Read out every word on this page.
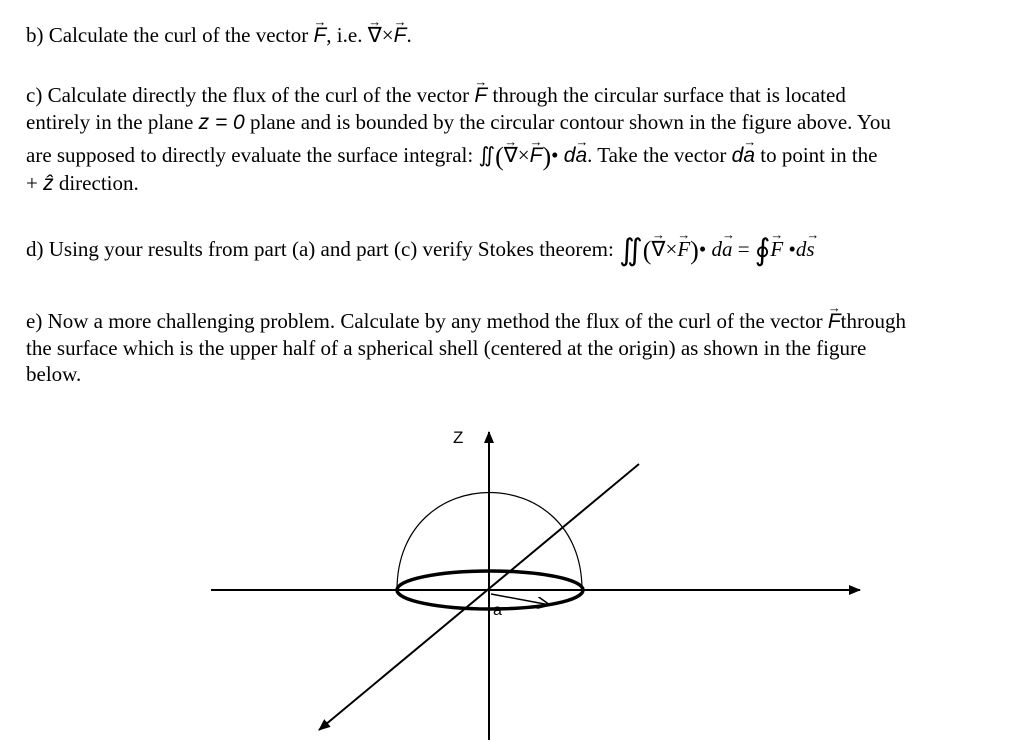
b) Calculate the curl of the vector → F, i.e. → ∇×→ F.

c) Calculate directly the flux of the curl of the vector → F through the circular surface that is located
entirely in the plane z = 0 plane and is bounded by the circular contour shown in the figure above. You
are supposed to directly evaluate the surface integral: ∬(→ ∇×→ F)• d→ a. Take the vector d→ a to point in the
+ ẑ direction.

d) Using your results from part (a) and part (c) verify Stokes theorem: ∬(→ ∇×→ F)• d→ a = ∮→ F •d→ s

e) Now a more challenging problem. Calculate by any method the flux of the curl of the vector → Fthrough
the surface which is the upper half of a spherical shell (centered at the origin) as shown in the figure
below.
Z
a
